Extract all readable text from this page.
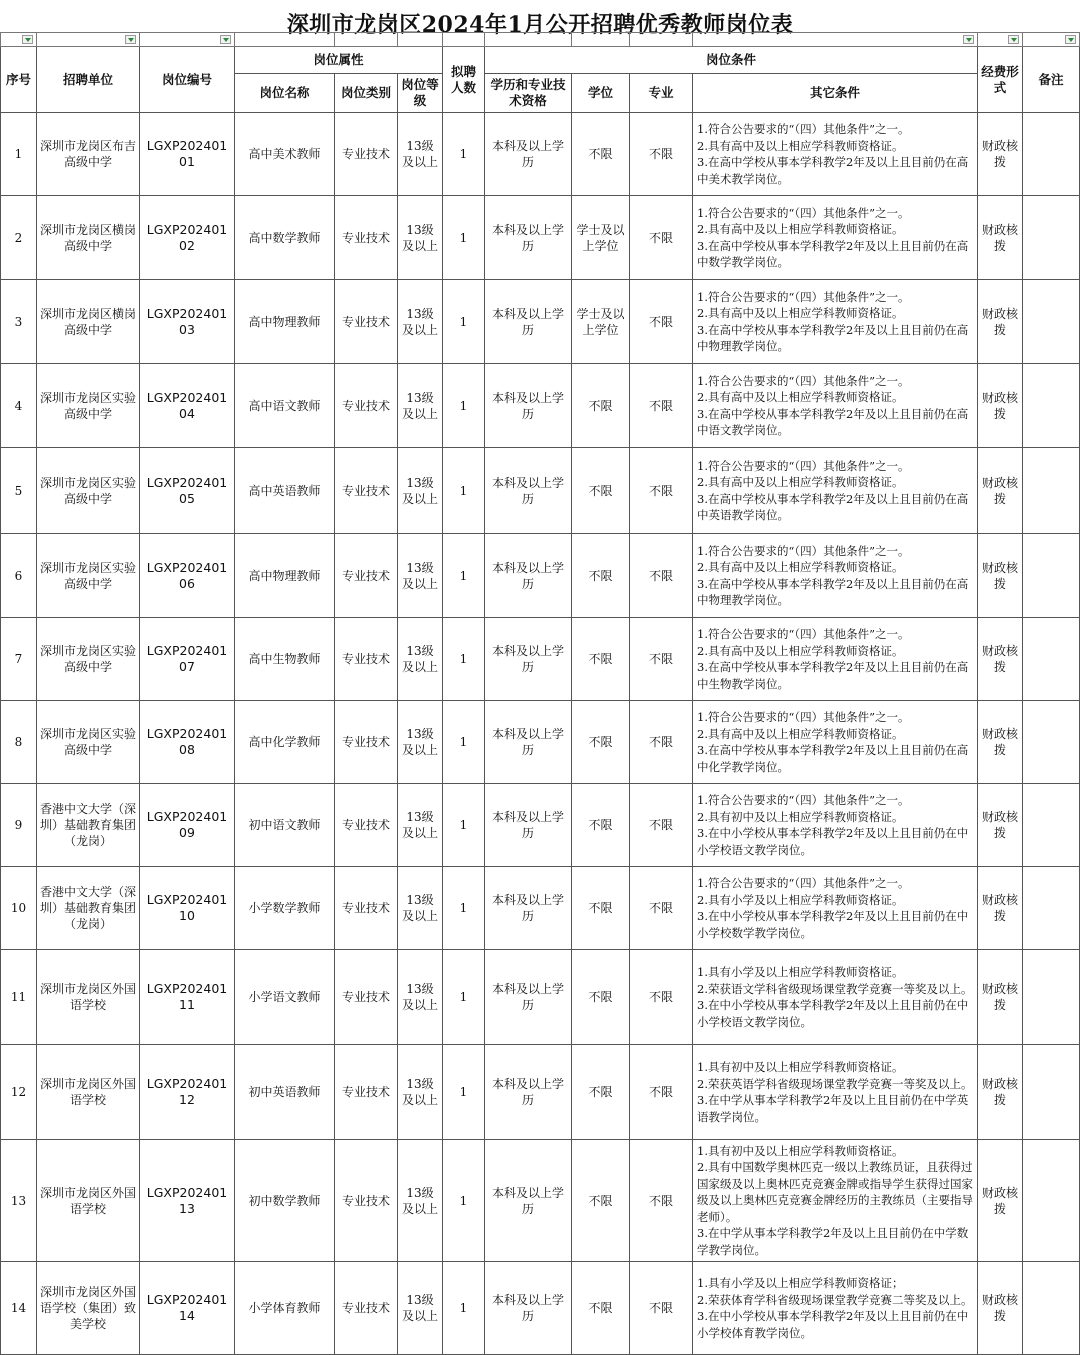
深圳市龙岗区2024年1月公开招聘优秀教师岗位表

序号	招聘单位	岗位编号	岗位属性			拟聘人数	岗位条件				经费形式	备注
			岗位名称	岗位类别	岗位等级		学历和专业技术资格	学位	专业	其它条件		
1	深圳市龙岗区布吉高级中学	LGXP20240101	高中美术教师	专业技术	13级及以上	1	本科及以上学历	不限	不限	1.符合公告要求的“（四）其他条件”之一。
2.具有高中及以上相应学科教师资格证。
3.在高中学校从事本学科教学2年及以上且目前仍在高中美术教学岗位。	财政核拨	
2	深圳市龙岗区横岗高级中学	LGXP20240102	高中数学教师	专业技术	13级及以上	1	本科及以上学历	学士及以上学位	不限	1.符合公告要求的“（四）其他条件”之一。
2.具有高中及以上相应学科教师资格证。
3.在高中学校从事本学科教学2年及以上且目前仍在高中数学教学岗位。	财政核拨	
3	深圳市龙岗区横岗高级中学	LGXP20240103	高中物理教师	专业技术	13级及以上	1	本科及以上学历	学士及以上学位	不限	1.符合公告要求的“（四）其他条件”之一。
2.具有高中及以上相应学科教师资格证。
3.在高中学校从事本学科教学2年及以上且目前仍在高中物理教学岗位。	财政核拨	
4	深圳市龙岗区实验高级中学	LGXP20240104	高中语文教师	专业技术	13级及以上	1	本科及以上学历	不限	不限	1.符合公告要求的“（四）其他条件”之一。
2.具有高中及以上相应学科教师资格证。
3.在高中学校从事本学科教学2年及以上且目前仍在高中语文教学岗位。	财政核拨	
5	深圳市龙岗区实验高级中学	LGXP20240105	高中英语教师	专业技术	13级及以上	1	本科及以上学历	不限	不限	1.符合公告要求的“（四）其他条件”之一。
2.具有高中及以上相应学科教师资格证。
3.在高中学校从事本学科教学2年及以上且目前仍在高中英语教学岗位。	财政核拨	
6	深圳市龙岗区实验高级中学	LGXP20240106	高中物理教师	专业技术	13级及以上	1	本科及以上学历	不限	不限	1.符合公告要求的“（四）其他条件”之一。
2.具有高中及以上相应学科教师资格证。
3.在高中学校从事本学科教学2年及以上且目前仍在高中物理教学岗位。	财政核拨	
7	深圳市龙岗区实验高级中学	LGXP20240107	高中生物教师	专业技术	13级及以上	1	本科及以上学历	不限	不限	1.符合公告要求的“（四）其他条件”之一。
2.具有高中及以上相应学科教师资格证。
3.在高中学校从事本学科教学2年及以上且目前仍在高中生物教学岗位。	财政核拨	
8	深圳市龙岗区实验高级中学	LGXP20240108	高中化学教师	专业技术	13级及以上	1	本科及以上学历	不限	不限	1.符合公告要求的“（四）其他条件”之一。
2.具有高中及以上相应学科教师资格证。
3.在高中学校从事本学科教学2年及以上且目前仍在高中化学教学岗位。	财政核拨	
9	香港中文大学（深圳）基础教育集团（龙岗）	LGXP20240109	初中语文教师	专业技术	13级及以上	1	本科及以上学历	不限	不限	1.符合公告要求的“（四）其他条件”之一。
2.具有初中及以上相应学科教师资格证。
3.在中小学校从事本学科教学2年及以上且目前仍在中小学校语文教学岗位。	财政核拨	
10	香港中文大学（深圳）基础教育集团（龙岗）	LGXP20240110	小学数学教师	专业技术	13级及以上	1	本科及以上学历	不限	不限	1.符合公告要求的“（四）其他条件”之一。
2.具有小学及以上相应学科教师资格证。
3.在中小学校从事本学科教学2年及以上且目前仍在中小学校数学教学岗位。	财政核拨	
11	深圳市龙岗区外国语学校	LGXP20240111	小学语文教师	专业技术	13级及以上	1	本科及以上学历	不限	不限	1.具有小学及以上相应学科教师资格证。
2.荣获语文学科省级现场课堂教学竞赛一等奖及以上。
3.在中小学校从事本学科教学2年及以上且目前仍在中小学校语文教学岗位。	财政核拨	
12	深圳市龙岗区外国语学校	LGXP20240112	初中英语教师	专业技术	13级及以上	1	本科及以上学历	不限	不限	1.具有初中及以上相应学科教师资格证。
2.荣获英语学科省级现场课堂教学竞赛一等奖及以上。
3.在中学从事本学科教学2年及以上且目前仍在中学英语教学岗位。	财政核拨	
13	深圳市龙岗区外国语学校	LGXP20240113	初中数学教师	专业技术	13级及以上	1	本科及以上学历	不限	不限	1.具有初中及以上相应学科教师资格证。
2.具有中国数学奥林匹克一级以上教练员证，且获得过国家级及以上奥林匹克竞赛金牌或指导学生获得过国家级及以上奥林匹克竞赛金牌经历的主教练员（主要指导老师）。
3.在中学从事本学科教学2年及以上且目前仍在中学数学教学岗位。	财政核拨	
14	深圳市龙岗区外国语学校（集团）致美学校	LGXP20240114	小学体育教师	专业技术	13级及以上	1	本科及以上学历	不限	不限	1.具有小学及以上相应学科教师资格证；
2.荣获体育学科省级现场课堂教学竞赛二等奖及以上。
3.在中小学校从事本学科教学2年及以上且目前仍在中小学校体育教学岗位。	财政核拨	
